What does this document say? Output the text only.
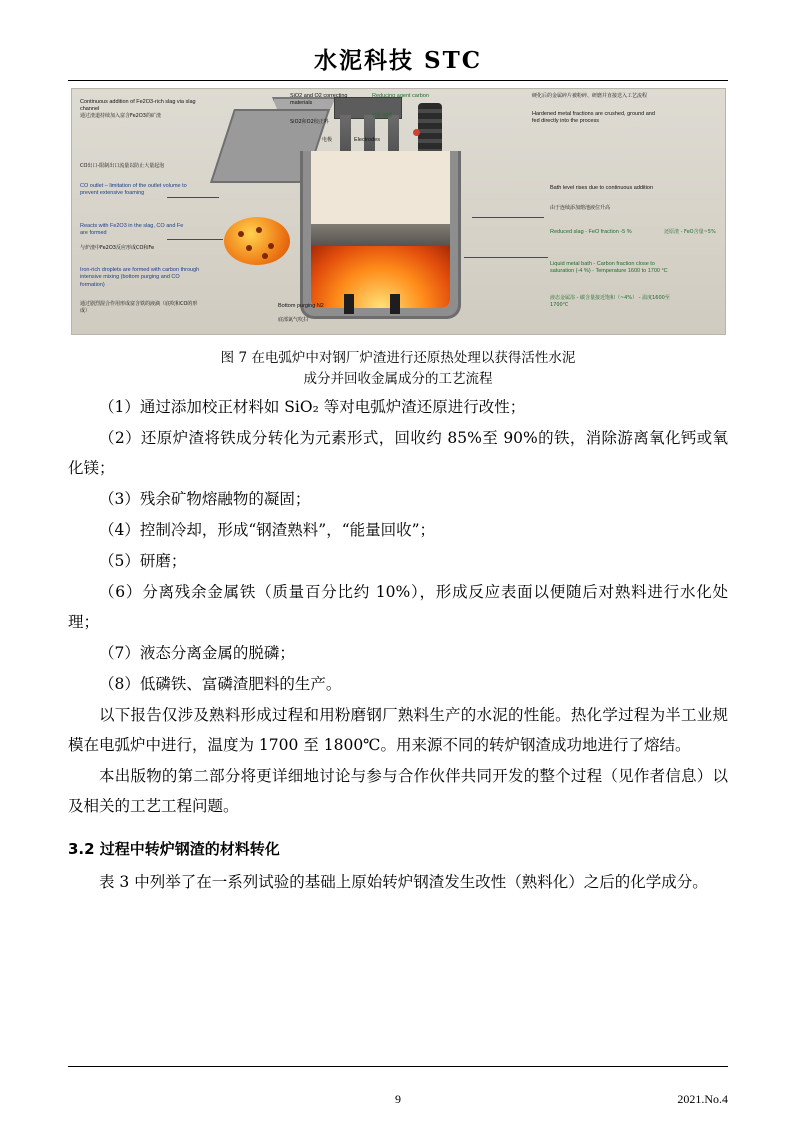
水泥科技 STC
Continuous addition of Fe2O3-rich slag via slag channel
通过渣道持续加入富含Fe2O3的矿渣
SiO2 and O2 correcting materials
SiO2和O2校正料
Reducing agent carbon
还原剂碳
硬化后的金属碎片被粉碎、研磨并直接送入工艺流程
Hardened metal fractions are crushed, ground and fed directly into the process
电极	Electrodes
CO出口-限制出口流量以防止大量起泡
CO outlet – limitation of the outlet volume to prevent extensive foaming
Reacts with Fe2O3 in the slag, CO and Fe are formed
与炉渣中Fe2O3反应形成CO和Fe
Iron-rich droplets are formed with carbon through intensive mixing (bottom purging and CO formation)
通过剧烈混合作用形成富含铁的液滴（底吹和CO的形成）
Bath level rises due to continuous addition
由于连续添加熔池液位升高
Reduced slag - FeO fraction -5 %	还原渣 - FeO含量~5%
Liquid metal bath - Carbon fraction close to saturation (-4 %) - Temperature 1600 to 1700 °C
液态金属浴 - 碳含量接近饱和（~4%） - 温度1600至1700℃
Bottom purging N2
底部氮气吹扫
图 7 在电弧炉中对钢厂炉渣进行还原热处理以获得活性水泥
成分并回收金属成分的工艺流程

（1）通过添加校正材料如 SiO₂ 等对电弧炉渣还原进行改性；

（2）还原炉渣将铁成分转化为元素形式，回收约 85%至 90%的铁，消除游离氧化钙或氧化镁；

（3）残余矿物熔融物的凝固；

（4）控制冷却，形成“钢渣熟料”，“能量回收”；

（5）研磨；

（6）分离残余金属铁（质量百分比约 10%），形成反应表面以便随后对熟料进行水化处理；

（7）液态分离金属的脱磷；

（8）低磷铁、富磷渣肥料的生产。

以下报告仅涉及熟料形成过程和用粉磨钢厂熟料生产的水泥的性能。热化学过程为半工业规模在电弧炉中进行，温度为 1700 至 1800℃。用来源不同的转炉钢渣成功地进行了熔结。

本出版物的第二部分将更详细地讨论与参与合作伙伴共同开发的整个过程（见作者信息）以及相关的工艺工程问题。

3.2 过程中转炉钢渣的材料转化

表 3 中列举了在一系列试验的基础上原始转炉钢渣发生改性（熟料化）之后的化学成分。

9	2021.No.4
